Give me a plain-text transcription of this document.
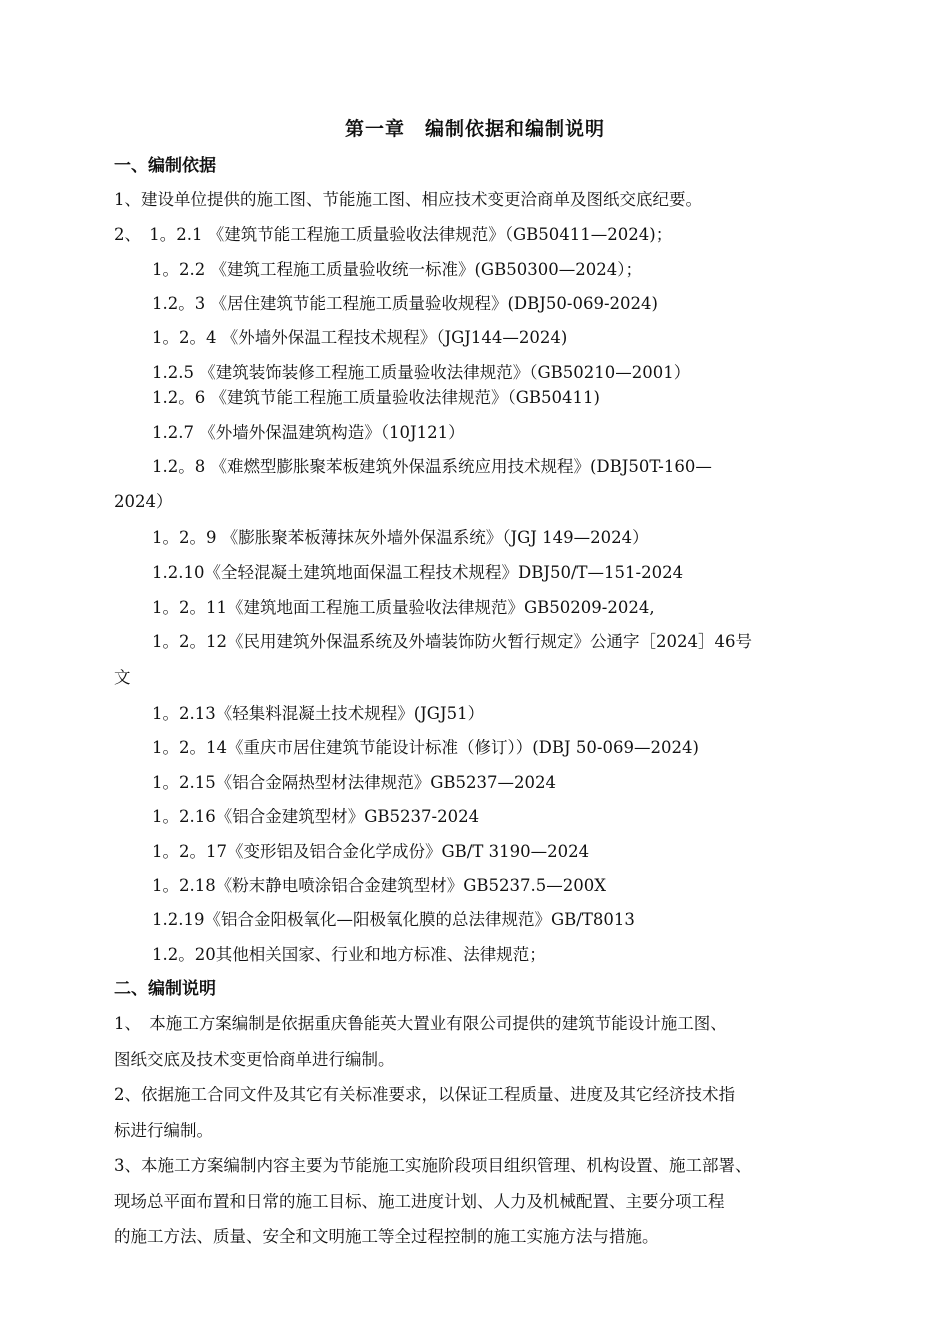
第一章　编制依据和编制说明
一、编制依据
1、建设单位提供的施工图、节能施工图、相应技术变更洽商单及图纸交底纪要。
2、　1。2.1 《建筑节能工程施工质量验收法律规范》（GB50411—2024)；
1。2.2 《建筑工程施工质量验收统一标准》(GB50300—2024）；
1.2。3 《居住建筑节能工程施工质量验收规程》(DBJ50-069-2024)
1。2。4 《外墙外保温工程技术规程》（JGJ144—2024)
1.2.5 《建筑装饰装修工程施工质量验收法律规范》（GB50210—2001）
1.2。6 《建筑节能工程施工质量验收法律规范》（GB50411)
1.2.7 《外墙外保温建筑构造》（10J121）
1.2。8 《难燃型膨胀聚苯板建筑外保温系统应用技术规程》(DBJ50T-160—
2024）
1。2。9 《膨胀聚苯板薄抹灰外墙外保温系统》（JGJ 149—2024）
1.2.10《全轻混凝土建筑地面保温工程技术规程》DBJ50/T—151-2024
1。2。11《建筑地面工程施工质量验收法律规范》GB50209-2024,
1。2。12《民用建筑外保温系统及外墙装饰防火暂行规定》公通字［2024］46号
文
1。2.13《轻集料混凝土技术规程》(JGJ51）
1。2。14《重庆市居住建筑节能设计标准（修订））(DBJ 50-069—2024)
1。2.15《铝合金隔热型材法律规范》GB5237—2024
1。2.16《铝合金建筑型材》GB5237-2024
1。2。17《变形铝及铝合金化学成份》GB/T 3190—2024
1。2.18《粉末静电喷涂铝合金建筑型材》GB5237.5—200X
1.2.19《铝合金阳极氧化—阳极氧化膜的总法律规范》GB/T8013
1.2。20其他相关国家、行业和地方标准、法律规范；
二、编制说明
1、　本施工方案编制是依据重庆鲁能英大置业有限公司提供的建筑节能设计施工图、
图纸交底及技术变更恰商单进行编制。
2、依据施工合同文件及其它有关标准要求，以保证工程质量、进度及其它经济技术指
标进行编制。
3、本施工方案编制内容主要为节能施工实施阶段项目组织管理、机构设置、施工部署、
现场总平面布置和日常的施工目标、施工进度计划、人力及机械配置、主要分项工程
的施工方法、质量、安全和文明施工等全过程控制的施工实施方法与措施。
